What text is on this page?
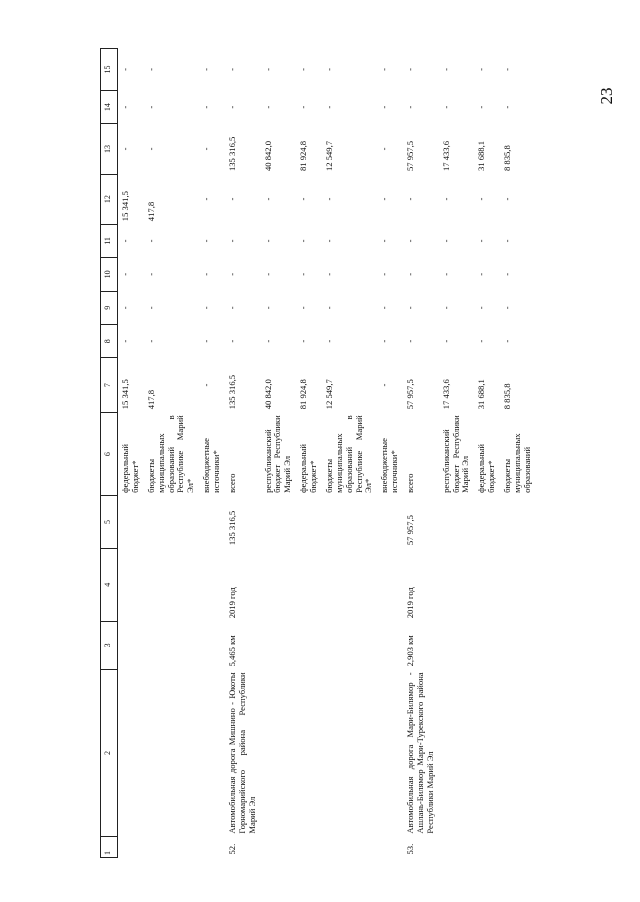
23
1	2	3	4	5	6	7	8	9	10	11	12	13	14	15
					федеральный бюджет*	15 341,5	-	-	-	-	15 341,5	-	-	-
					бюджеты муниципальных образований в Республике Марий Эл*	417,8	-	-	-	-	417,8	-	-	-
					внебюджетные источники*	-	-	-	-	-	-	-	-	-
52.	Автомобильная дорога Мишнино - Юкоты Горномарийского района Республики Марий Эл	5,465 км	2019 год	135 316,5	всего	135 316,5	-	-	-	-	-	135 316,5	-	-
					республиканский бюджет Республики Марий Эл	40 842,0	-	-	-	-	-	40 842,0	-	-
					федеральный бюджет*	81 924,8	-	-	-	-	-	81 924,8	-	-
					бюджеты муниципальных образований в Республике Марий Эл*	12 549,7	-	-	-	-	-	12 549,7	-	-
					внебюджетные источники*	-	-	-	-	-	-	-	-	-
53.	Автомобильная дорога Мари-Билямор - Ашлань-Билямор Мари-Турекского района Республики Марий Эл	2,903 км	2019 год	57 957,5	всего	57 957,5	-	-	-	-	-	57 957,5	-	-
					республиканский бюджет Республики Марий Эл	17 433,6	-	-	-	-	-	17 433,6	-	-
					федеральный бюджет*	31 688,1	-	-	-	-	-	31 688,1	-	-
					бюджеты муниципальных образований	8 835,8	-	-	-	-	-	8 835,8	-	-
